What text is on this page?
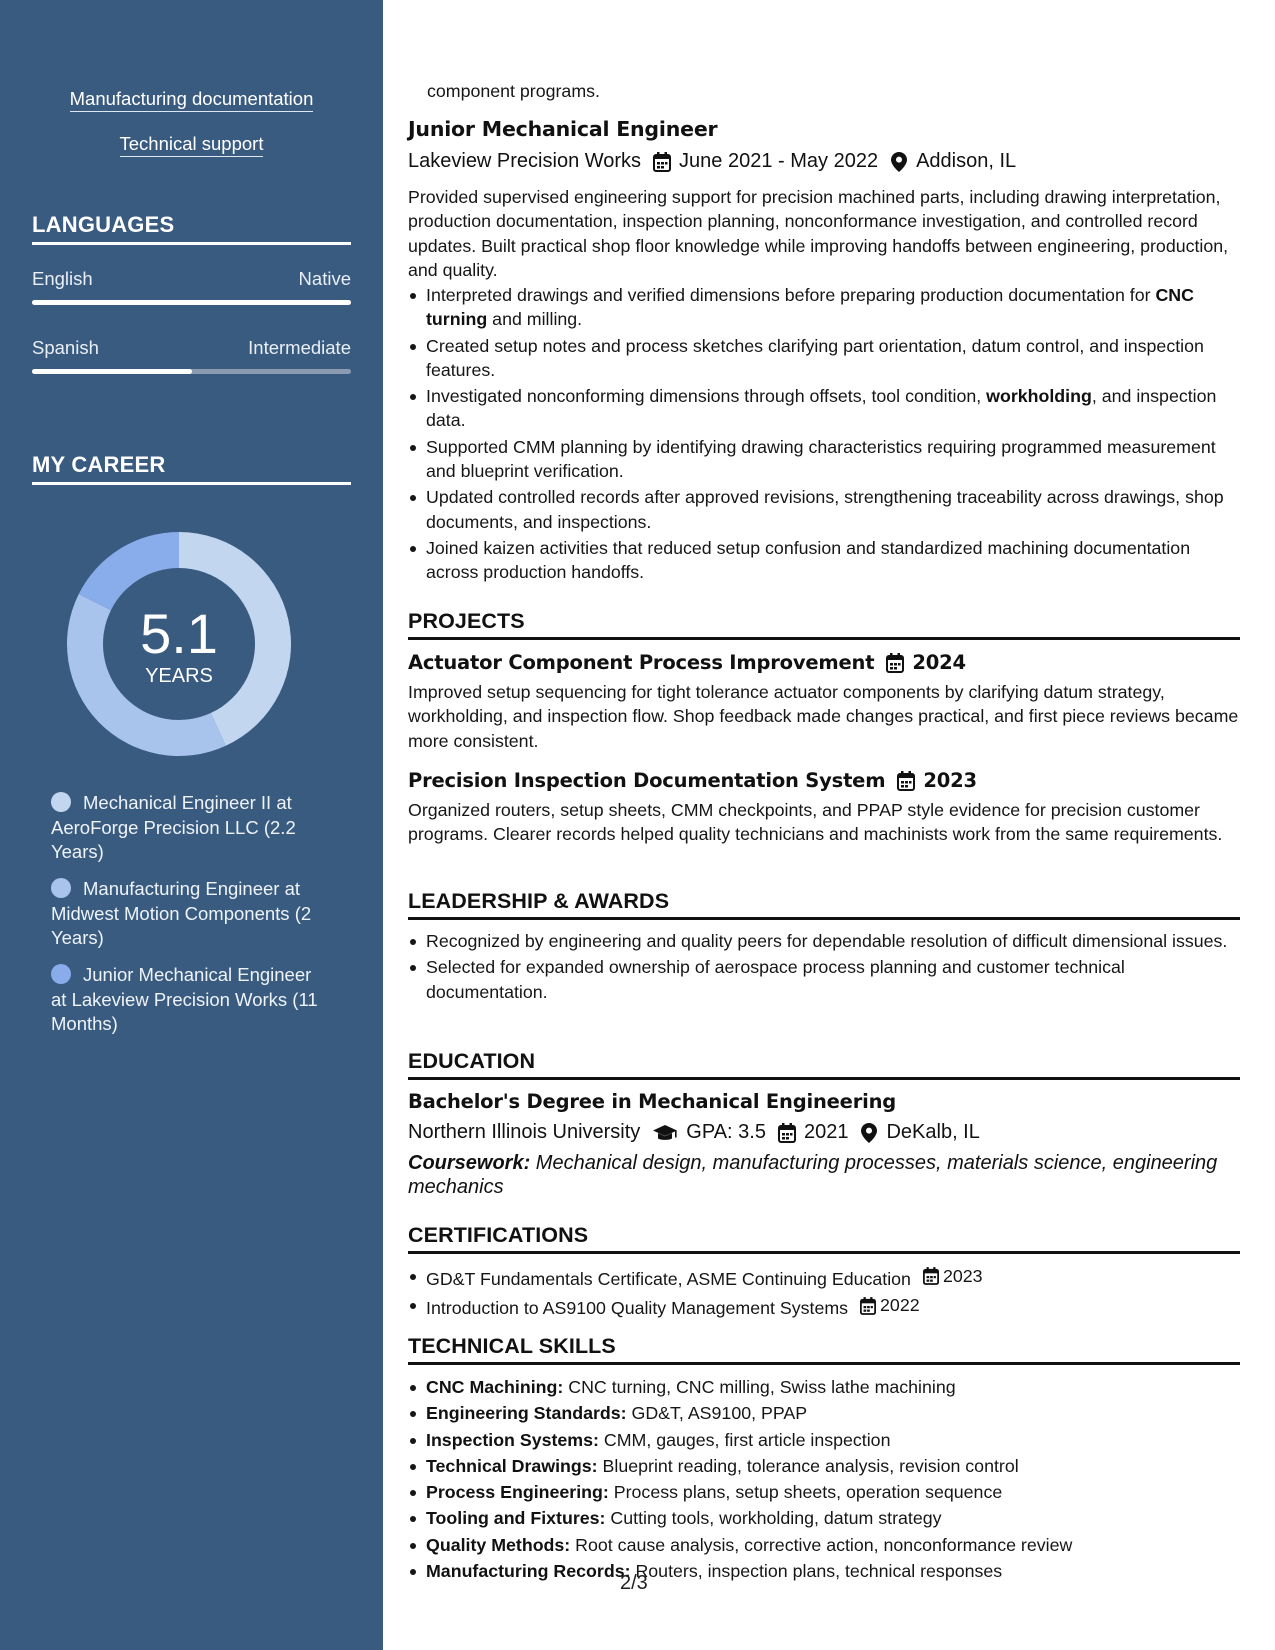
Manufacturing documentation
Technical support
LANGUAGES
English	Native
Spanish	Intermediate
MY CAREER
5.1
YEARS
Mechanical Engineer II at AeroForge Precision LLC (2.2 Years)
Manufacturing Engineer at Midwest Motion Components (2 Years)
Junior Mechanical Engineer at Lakeview Precision Works (11 Months)
component programs.
Junior Mechanical Engineer
Lakeview Precision Works June 2021 - May 2022 Addison, IL
Provided supervised engineering support for precision machined parts, including drawing interpretation, production documentation, inspection planning, nonconformance investigation, and controlled record updates. Built practical shop floor knowledge while improving handoffs between engineering, production, and quality.
Interpreted drawings and verified dimensions before preparing production documentation for CNC turning and milling.
Created setup notes and process sketches clarifying part orientation, datum control, and inspection features.
Investigated nonconforming dimensions through offsets, tool condition, workholding, and inspection data.
Supported CMM planning by identifying drawing characteristics requiring programmed measurement and blueprint verification.
Updated controlled records after approved revisions, strengthening traceability across drawings, shop documents, and inspections.
Joined kaizen activities that reduced setup confusion and standardized machining documentation across production handoffs.
PROJECTS
Actuator Component Process Improvement 2024
Improved setup sequencing for tight tolerance actuator components by clarifying datum strategy, workholding, and inspection flow. Shop feedback made changes practical, and first piece reviews became more consistent.
Precision Inspection Documentation System 2023
Organized routers, setup sheets, CMM checkpoints, and PPAP style evidence for precision customer programs. Clearer records helped quality technicians and machinists work from the same requirements.
LEADERSHIP & AWARDS
Recognized by engineering and quality peers for dependable resolution of difficult dimensional issues.
Selected for expanded ownership of aerospace process planning and customer technical documentation.
EDUCATION
Bachelor's Degree in Mechanical Engineering
Northern Illinois University GPA: 3.5 2021 DeKalb, IL
Coursework: Mechanical design, manufacturing processes, materials science, engineering mechanics
CERTIFICATIONS
GD&T Fundamentals Certificate, ASME Continuing Education 2023
Introduction to AS9100 Quality Management Systems 2022
TECHNICAL SKILLS
CNC Machining: CNC turning, CNC milling, Swiss lathe machining
Engineering Standards: GD&T, AS9100, PPAP
Inspection Systems: CMM, gauges, first article inspection
Technical Drawings: Blueprint reading, tolerance analysis, revision control
Process Engineering: Process plans, setup sheets, operation sequence
Tooling and Fixtures: Cutting tools, workholding, datum strategy
Quality Methods: Root cause analysis, corrective action, nonconformance review
Manufacturing Records: Routers, inspection plans, technical responses
2/3
